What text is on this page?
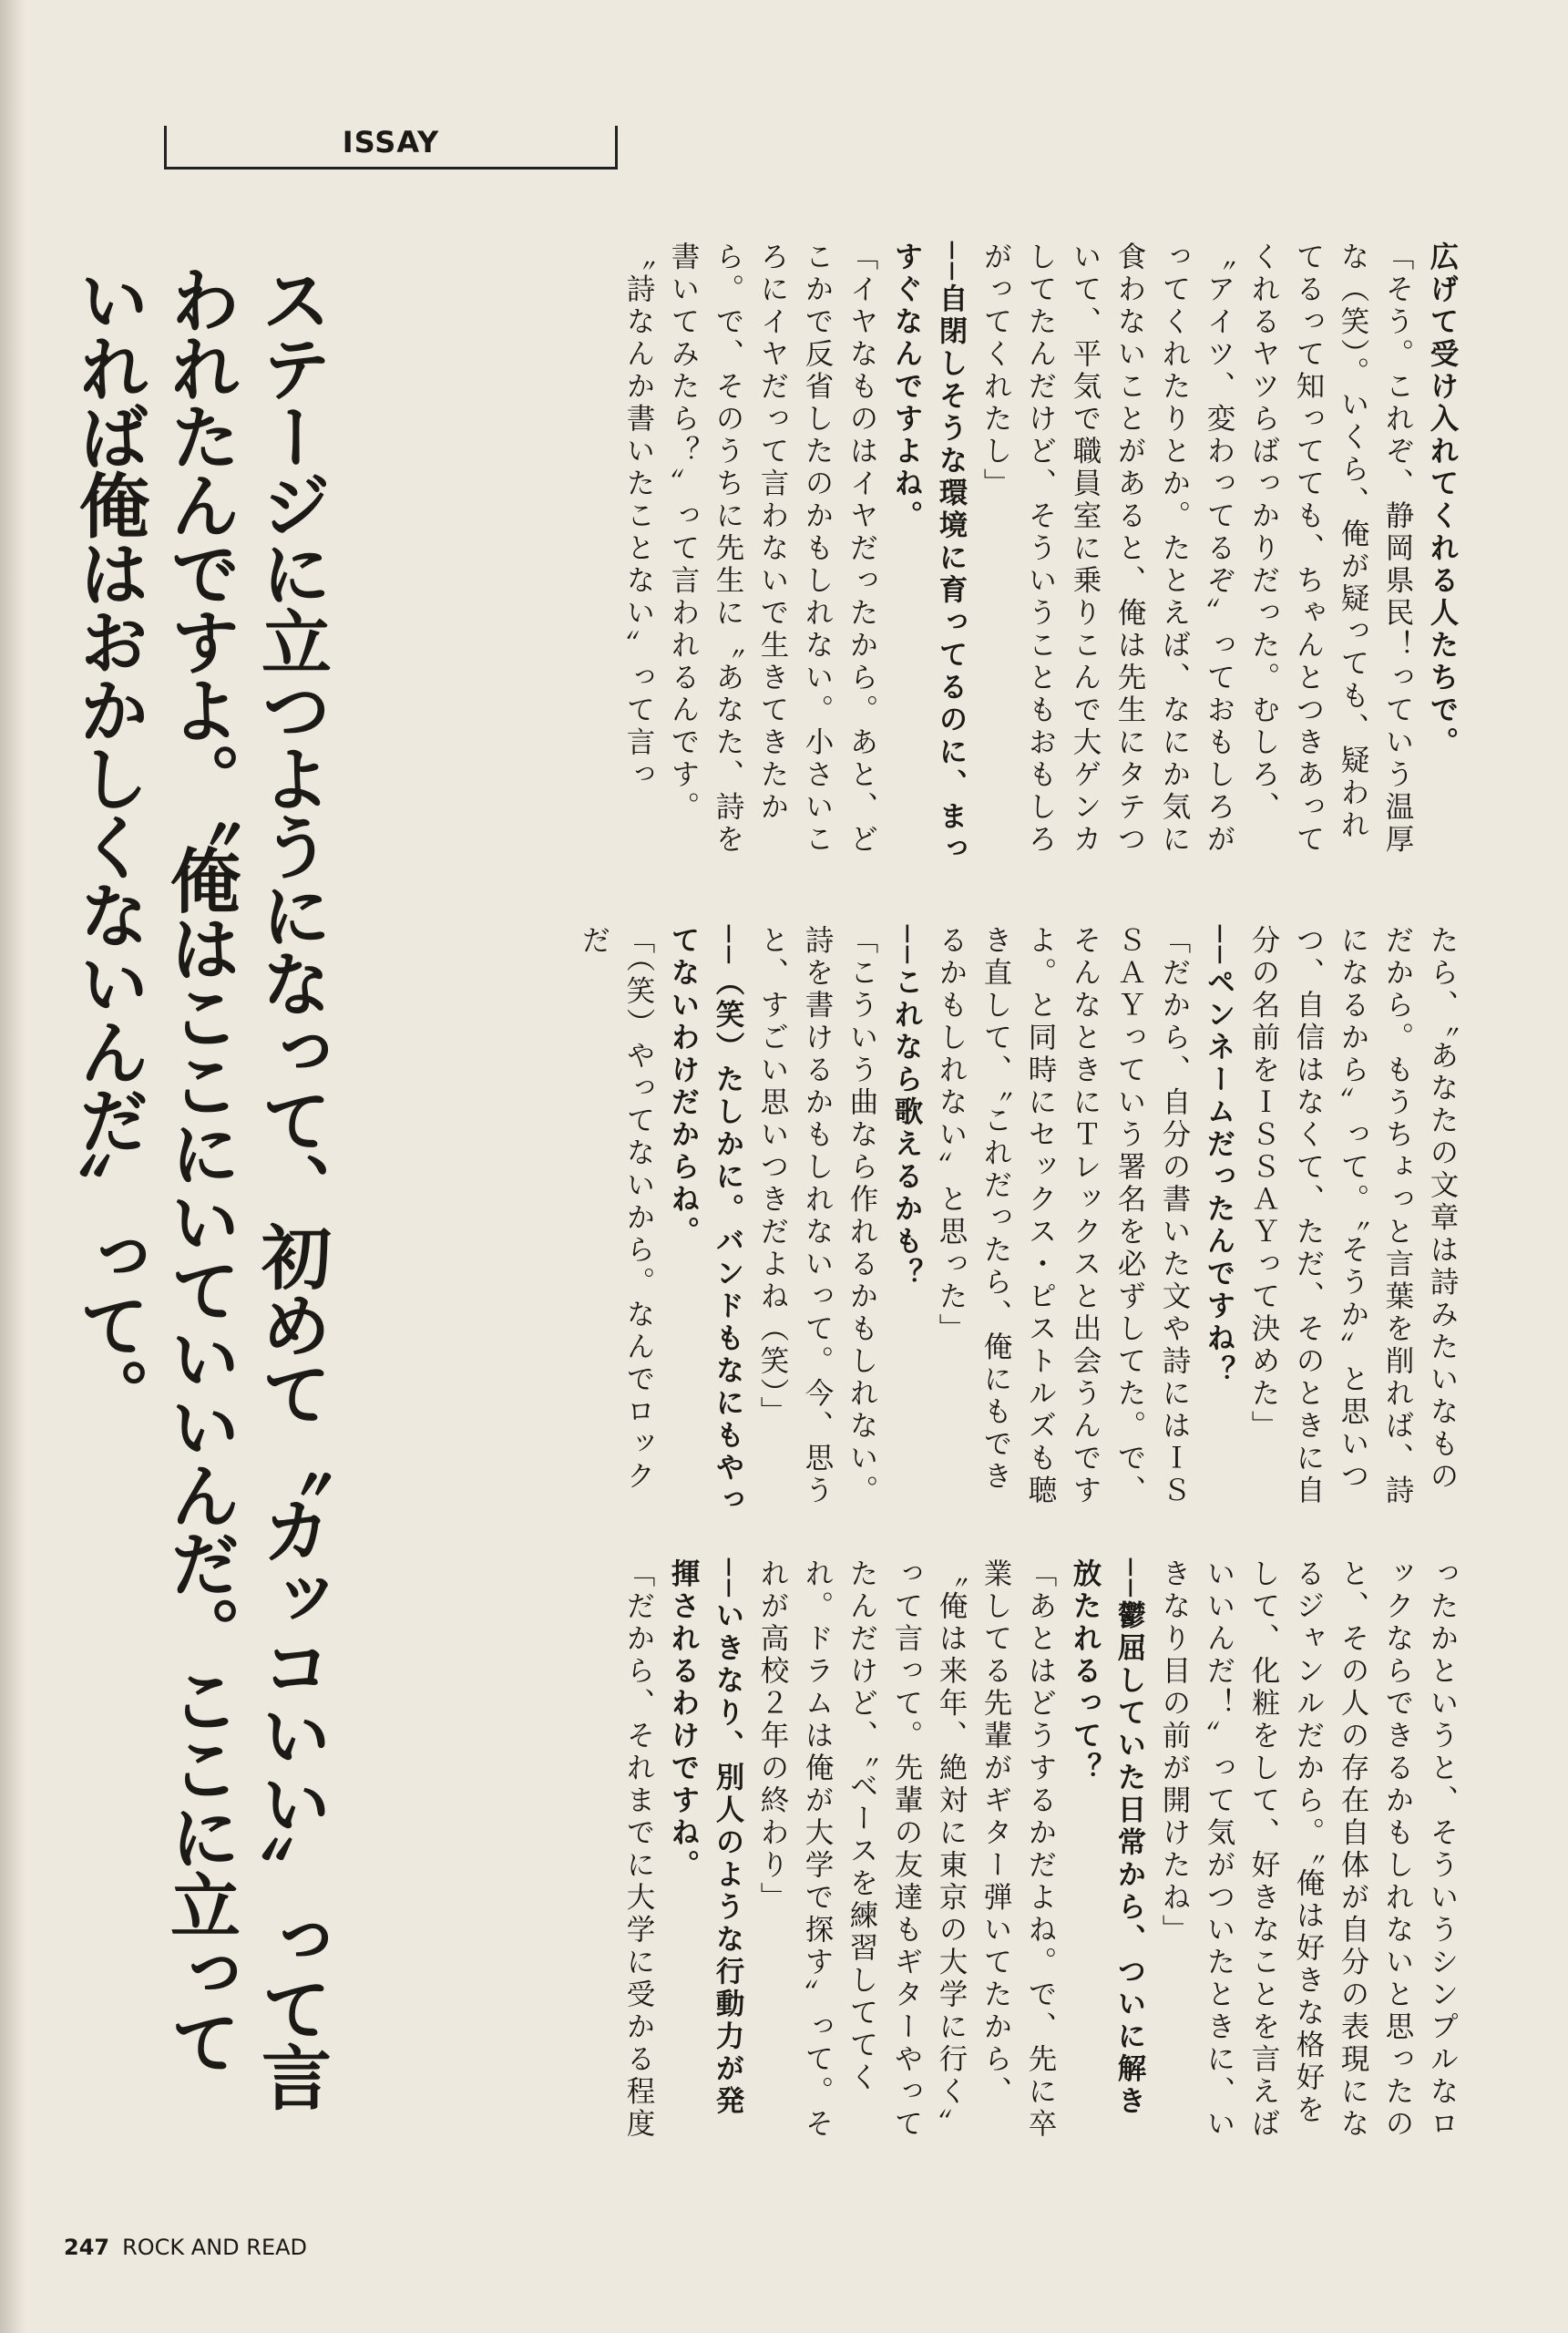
ISSAY
ステージに立つようになって、初めて〝カッコいい〟って言われたんですよ。〝俺はここにいていいんだ。ここに立っていれば俺はおかしくないんだ〟って。	広げて受け入れてくれる人たちで。

「そう。これぞ、静岡県民！っていう温厚な（笑）。いくら、俺が疑っても、疑われてるって知ってても、ちゃんとつきあってくれるヤツらばっかりだった。むしろ、〝アイツ、変わってるぞ〟っておもしろがってくれたりとか。たとえば、なにか気に食わないことがあると、俺は先生にタテついて、平気で職員室に乗りこんで大ゲンカしてたんだけど、そういうこともおもしろがってくれたし」

──自閉しそうな環境に育ってるのに、まっすぐなんですよね。

「イヤなものはイヤだったから。あと、どこかで反省したのかもしれない。小さいころにイヤだって言わないで生きてきたから。で、そのうちに先生に〝あなた、詩を書いてみたら？〟って言われるんです。〝詩なんか書いたことない〟って言っ

たら、〝あなたの文章は詩みたいなものだから。もうちょっと言葉を削れば、詩になるから〟って。〝そうか〟と思いつつ、自信はなくて、ただ、そのときに自分の名前をＩＳＳＡＹって決めた」

──ペンネームだったんですね？

「だから、自分の書いた文や詩にはＩＳＳＡＹっていう署名を必ずしてた。で、そんなときにＴレックスと出会うんですよ。と同時にセックス・ピストルズも聴き直して、〝これだったら、俺にもできるかもしれない〟と思った」

──これなら歌えるかも？

「こういう曲なら作れるかもしれない。詩を書けるかもしれないって。今、思うと、すごい思いつきだよね（笑）」

──（笑）たしかに。バンドもなにもやってないわけだからね。

「（笑）やってないから。なんでロックだ

ったかというと、そういうシンプルなロックならできるかもしれないと思ったのと、その人の存在自体が自分の表現になるジャンルだから。〝俺は好きな格好をして、化粧をして、好きなことを言えばいいんだ！〟って気がついたときに、いきなり目の前が開けたね」

──鬱屈していた日常から、ついに解き放たれるって？

「あとはどうするかだよね。で、先に卒業してる先輩がギター弾いてたから、〝俺は来年、絶対に東京の大学に行く〟って言って。先輩の友達もギターやってたんだけど、〝ベースを練習しててくれ。ドラムは俺が大学で探す〟って。それが高校２年の終わり」

──いきなり、別人のような行動力が発揮されるわけですね。

「だから、それまでに大学に受かる程度

247 ROCK AND READ
